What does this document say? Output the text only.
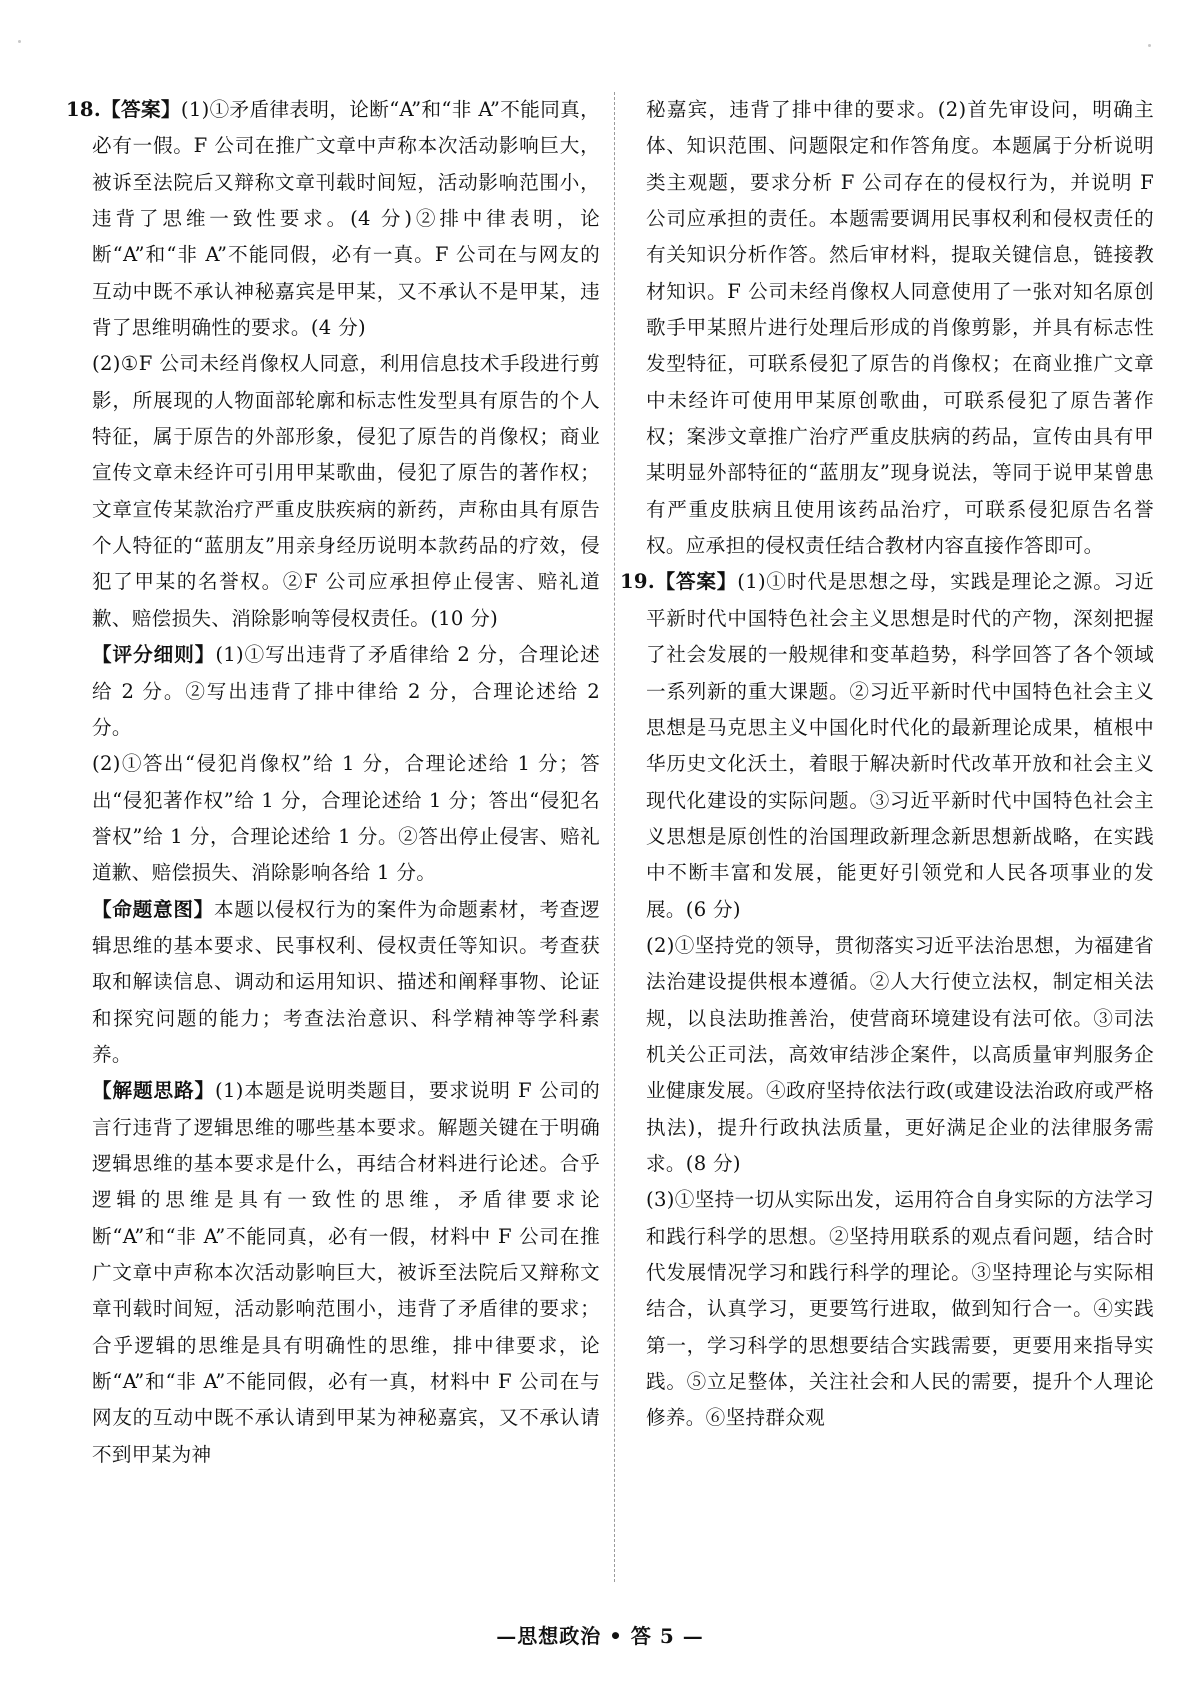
18.【答案】(1)①矛盾律表明，论断“A”和“非 A”不能同真，必有一假。F 公司在推广文章中声称本次活动影响巨大，被诉至法院后又辩称文章刊载时间短，活动影响范围小，违背了思维一致性要求。(4 分)②排中律表明，论断“A”和“非 A”不能同假，必有一真。F 公司在与网友的互动中既不承认神秘嘉宾是甲某，又不承认不是甲某，违背了思维明确性的要求。(4 分)

(2)①F 公司未经肖像权人同意，利用信息技术手段进行剪影，所展现的人物面部轮廓和标志性发型具有原告的个人特征，属于原告的外部形象，侵犯了原告的肖像权；商业宣传文章未经许可引用甲某歌曲，侵犯了原告的著作权；文章宣传某款治疗严重皮肤疾病的新药，声称由具有原告个人特征的“蓝朋友”用亲身经历说明本款药品的疗效，侵犯了甲某的名誉权。②F 公司应承担停止侵害、赔礼道歉、赔偿损失、消除影响等侵权责任。(10 分)

【评分细则】(1)①写出违背了矛盾律给 2 分，合理论述给 2 分。②写出违背了排中律给 2 分，合理论述给 2 分。

(2)①答出“侵犯肖像权”给 1 分，合理论述给 1 分；答出“侵犯著作权”给 1 分，合理论述给 1 分；答出“侵犯名誉权”给 1 分，合理论述给 1 分。②答出停止侵害、赔礼道歉、赔偿损失、消除影响各给 1 分。

【命题意图】本题以侵权行为的案件为命题素材，考查逻辑思维的基本要求、民事权利、侵权责任等知识。考查获取和解读信息、调动和运用知识、描述和阐释事物、论证和探究问题的能力；考查法治意识、科学精神等学科素养。

【解题思路】(1)本题是说明类题目，要求说明 F 公司的言行违背了逻辑思维的哪些基本要求。解题关键在于明确逻辑思维的基本要求是什么，再结合材料进行论述。合乎逻辑的思维是具有一致性的思维，矛盾律要求论断“A”和“非 A”不能同真，必有一假，材料中 F 公司在推广文章中声称本次活动影响巨大，被诉至法院后又辩称文章刊载时间短，活动影响范围小，违背了矛盾律的要求；合乎逻辑的思维是具有明确性的思维，排中律要求，论断“A”和“非 A”不能同假，必有一真，材料中 F 公司在与网友的互动中既不承认请到甲某为神秘嘉宾，又不承认请不到甲某为神

秘嘉宾，违背了排中律的要求。(2)首先审设问，明确主体、知识范围、问题限定和作答角度。本题属于分析说明类主观题，要求分析 F 公司存在的侵权行为，并说明 F 公司应承担的责任。本题需要调用民事权利和侵权责任的有关知识分析作答。然后审材料，提取关键信息，链接教材知识。F 公司未经肖像权人同意使用了一张对知名原创歌手甲某照片进行处理后形成的肖像剪影，并具有标志性发型特征，可联系侵犯了原告的肖像权；在商业推广文章中未经许可使用甲某原创歌曲，可联系侵犯了原告著作权；案涉文章推广治疗严重皮肤病的药品，宣传由具有甲某明显外部特征的“蓝朋友”现身说法，等同于说甲某曾患有严重皮肤病且使用该药品治疗，可联系侵犯原告名誉权。应承担的侵权责任结合教材内容直接作答即可。

19.【答案】(1)①时代是思想之母，实践是理论之源。习近平新时代中国特色社会主义思想是时代的产物，深刻把握了社会发展的一般规律和变革趋势，科学回答了各个领域一系列新的重大课题。②习近平新时代中国特色社会主义思想是马克思主义中国化时代化的最新理论成果，植根中华历史文化沃土，着眼于解决新时代改革开放和社会主义现代化建设的实际问题。③习近平新时代中国特色社会主义思想是原创性的治国理政新理念新思想新战略，在实践中不断丰富和发展，能更好引领党和人民各项事业的发展。(6 分)

(2)①坚持党的领导，贯彻落实习近平法治思想，为福建省法治建设提供根本遵循。②人大行使立法权，制定相关法规，以良法助推善治，使营商环境建设有法可依。③司法机关公正司法，高效审结涉企案件，以高质量审判服务企业健康发展。④政府坚持依法行政(或建设法治政府或严格执法)，提升行政执法质量，更好满足企业的法律服务需求。(8 分)

(3)①坚持一切从实际出发，运用符合自身实际的方法学习和践行科学的思想。②坚持用联系的观点看问题，结合时代发展情况学习和践行科学的理论。③坚持理论与实际相结合，认真学习，更要笃行进取，做到知行合一。④实践第一，学习科学的思想要结合实践需要，更要用来指导实践。⑤立足整体，关注社会和人民的需要，提升个人理论修养。⑥坚持群众观

—思想政治 • 答 5 —
